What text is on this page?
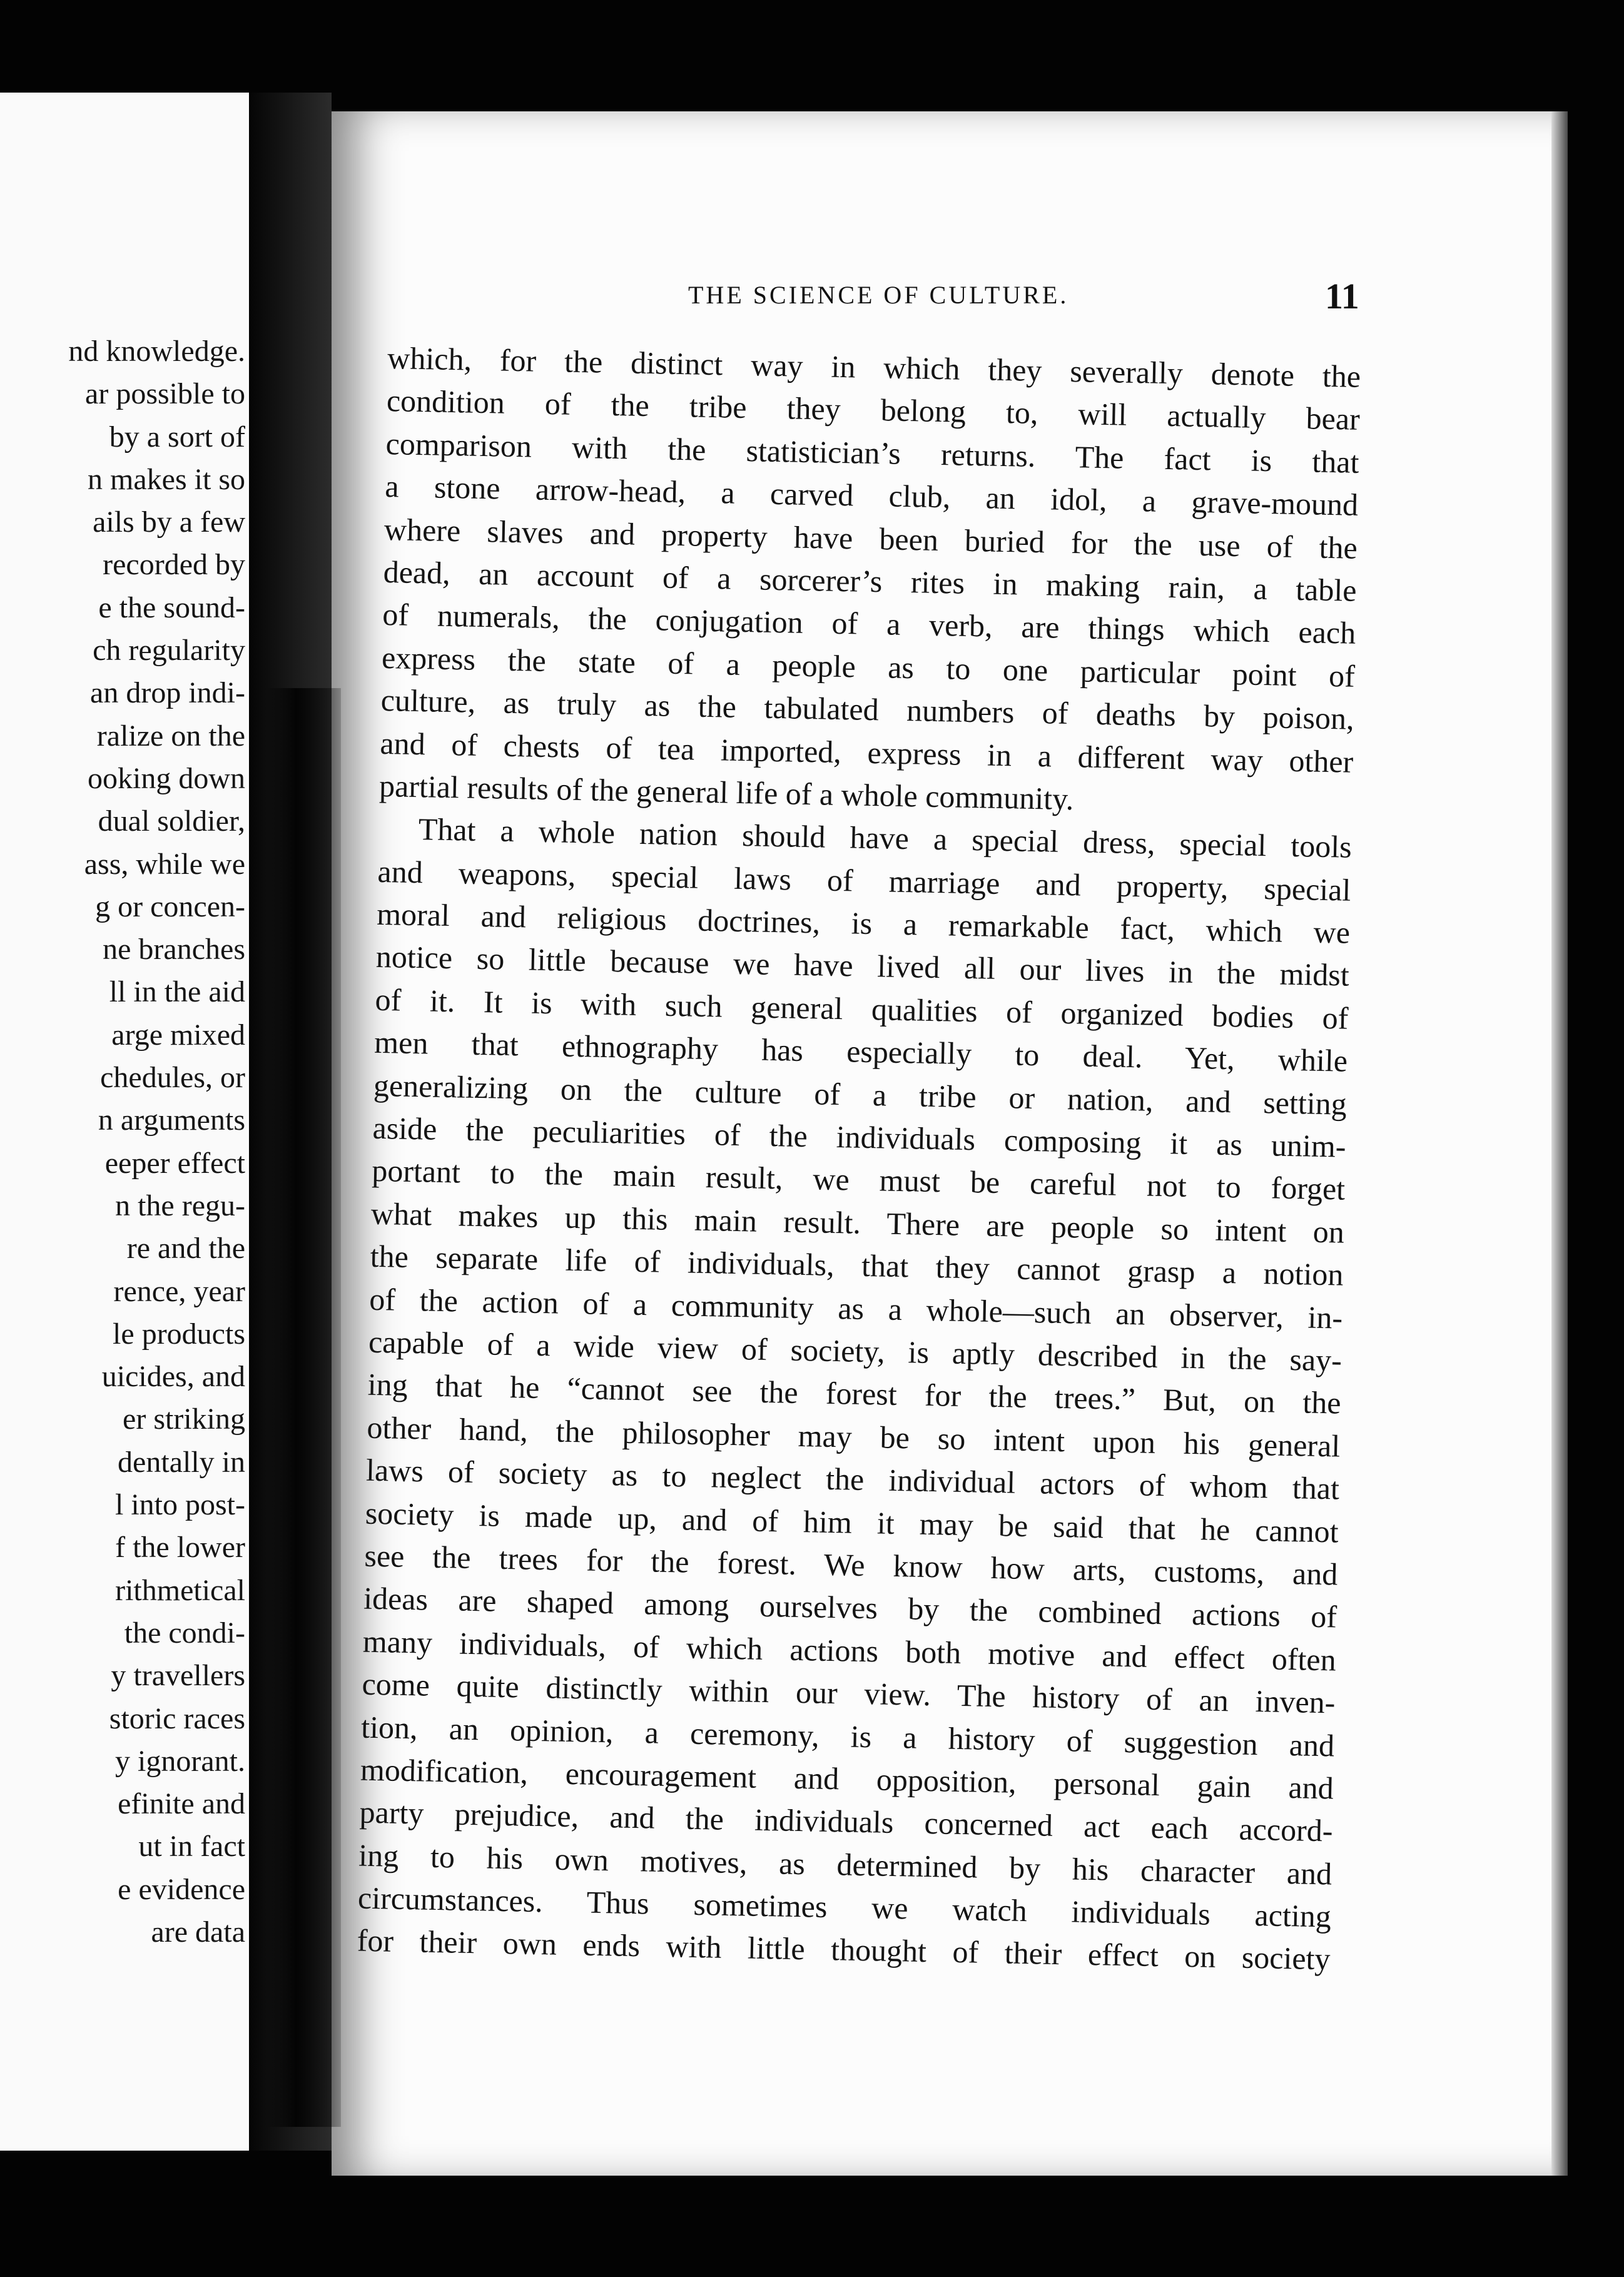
nd knowledge.
ar possible to
by a sort of
n makes it so
ails by a few
recorded by
e the sound-
ch regularity
an drop indi-
ralize on the
ooking down
dual soldier,
ass, while we
g or concen-
ne branches
ll in the aid
arge mixed
chedules, or
n arguments
eeper effect
n the regu-
re and the
rence, year
le products
uicides, and
er striking
dentally in
l into post-
f the lower
rithmetical
the condi-
y travellers
storic races
y ignorant.
efinite and
ut in fact
e evidence
are data
THE SCIENCE OF CULTURE.	11
which, for the distinct way in which they severally denote the
condition of the tribe they belong to, will actually bear
comparison with the statistician’s returns. The fact is that
a stone arrow-head, a carved club, an idol, a grave-mound
where slaves and property have been buried for the use of the
dead, an account of a sorcerer’s rites in making rain, a table
of numerals, the conjugation of a verb, are things which each
express the state of a people as to one particular point of
culture, as truly as the tabulated numbers of deaths by poison,
and of chests of tea imported, express in a different way other
partial results of the general life of a whole community.
That a whole nation should have a special dress, special tools
and weapons, special laws of marriage and property, special
moral and religious doctrines, is a remarkable fact, which we
notice so little because we have lived all our lives in the midst
of it. It is with such general qualities of organized bodies of
men that ethnography has especially to deal. Yet, while
generalizing on the culture of a tribe or nation, and setting
aside the peculiarities of the individuals composing it as unim-
portant to the main result, we must be careful not to forget
what makes up this main result. There are people so intent on
the separate life of individuals, that they cannot grasp a notion
of the action of a community as a whole—such an observer, in-
capable of a wide view of society, is aptly described in the say-
ing that he “cannot see the forest for the trees.” But, on the
other hand, the philosopher may be so intent upon his general
laws of society as to neglect the individual actors of whom that
society is made up, and of him it may be said that he cannot
see the trees for the forest. We know how arts, customs, and
ideas are shaped among ourselves by the combined actions of
many individuals, of which actions both motive and effect often
come quite distinctly within our view. The history of an inven-
tion, an opinion, a ceremony, is a history of suggestion and
modification, encouragement and opposition, personal gain and
party prejudice, and the individuals concerned act each accord-
ing to his own motives, as determined by his character and
circumstances. Thus sometimes we watch individuals acting
for their own ends with little thought of their effect on society
